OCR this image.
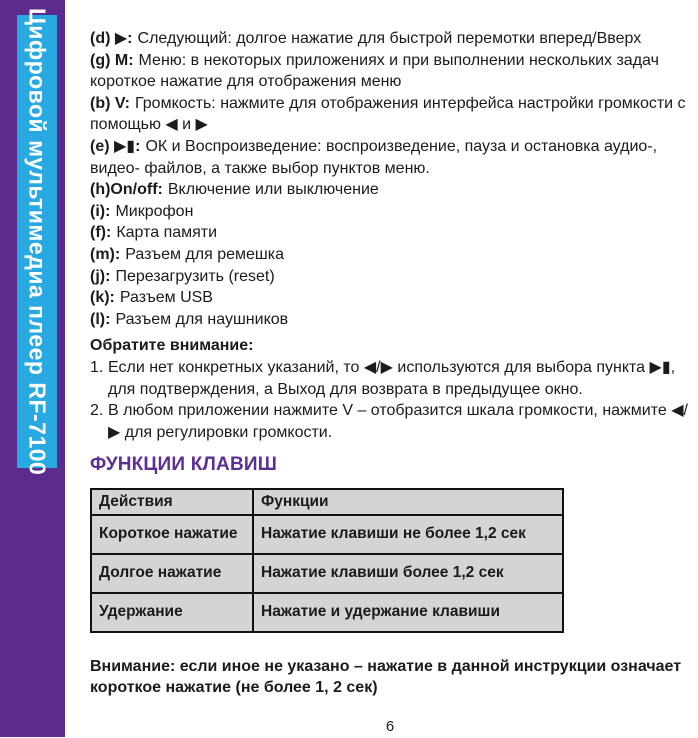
Цифровой мультимедиа плеер RF-7100 (d) ▶: Следующий: долгое нажатие для быстрой перемотки вперед/Вверх

(g) M: Меню: в некоторых приложениях и при выполнении нескольких задач короткое нажатие для отображения меню

(b) V: Громкость: нажмите для отображения интерфейса настройки громкости с помощью ◀ и ▶

(e) ▶▮: ОК и Воспроизведение: воспроизведение, пауза и остановка аудио-, видео- файлов, а также выбор пунктов меню.

(h)On/off: Включение или выключение

(i): Микрофон

(f): Карта памяти

(m): Разъем для ремешка

(j): Перезагрузить (reset)

(k): Разъем USB

(l): Разъем для наушников

Обратите внимание:

1. Если нет конкретных указаний, то ◀/▶ используются для выбора пункта ▶▮, для подтверждения, а Выход для возврата в предыдущее окно.

2. В любом приложении нажмите V – отобразится шкала громкости, нажмите ◀/▶ для регулировки громкости.

ФУНКЦИИ КЛАВИШ
Действия	Функции
Короткое нажатие	Нажатие клавиши не более 1,2 сек
Долгое нажатие	Нажатие клавиши более 1,2 сек
Удержание	Нажатие и удержание клавиши

Внимание: если иное не указано – нажатие в данной инструкции означает короткое нажатие (не более 1, 2 сек)

6
